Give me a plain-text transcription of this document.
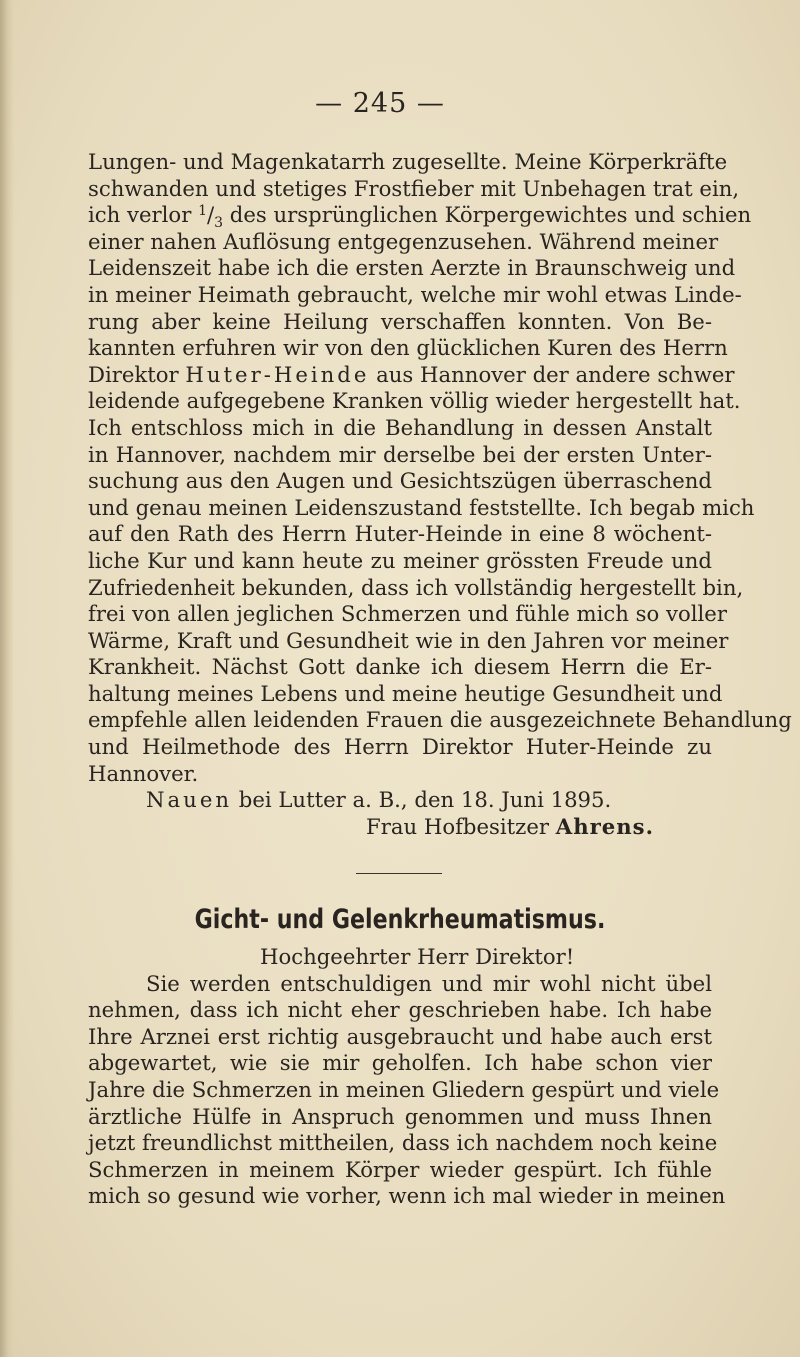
— 245 —
Lungen- und Magenkatarrh zugesellte. Meine Körperkräfte
schwanden und stetiges Frostfieber mit Unbehagen trat ein,
ich verlor $^1/_3$ des ursprünglichen Körpergewichtes und schien
einer nahen Auflösung entgegenzusehen. Während meiner
Leidenszeit habe ich die ersten Aerzte in Braunschweig und
in meiner Heimath gebraucht, welche mir wohl etwas Linde-
rung aber keine Heilung verschaffen konnten. Von Be-
kannten erfuhren wir von den glücklichen Kuren des Herrn
Direktor Huter-Heinde aus Hannover der andere schwer
leidende aufgegebene Kranken völlig wieder hergestellt hat.
Ich entschloss mich in die Behandlung in dessen Anstalt
in Hannover, nachdem mir derselbe bei der ersten Unter-
suchung aus den Augen und Gesichtszügen überraschend
und genau meinen Leidenszustand feststellte. Ich begab mich
auf den Rath des Herrn Huter-Heinde in eine 8 wöchent-
liche Kur und kann heute zu meiner grössten Freude und
Zufriedenheit bekunden, dass ich vollständig hergestellt bin,
frei von allen jeglichen Schmerzen und fühle mich so voller
Wärme, Kraft und Gesundheit wie in den Jahren vor meiner
Krankheit. Nächst Gott danke ich diesem Herrn die Er-
haltung meines Lebens und meine heutige Gesundheit und
empfehle allen leidenden Frauen die ausgezeichnete Behandlung
und Heilmethode des Herrn Direktor Huter-Heinde zu
Hannover.
Nauen bei Lutter a. B., den 18. Juni 1895.
Frau Hofbesitzer Ahrens.
Gicht- und Gelenkrheumatismus.
Hochgeehrter Herr Direktor!
Sie werden entschuldigen und mir wohl nicht übel
nehmen, dass ich nicht eher geschrieben habe. Ich habe
Ihre Arznei erst richtig ausgebraucht und habe auch erst
abgewartet, wie sie mir geholfen. Ich habe schon vier
Jahre die Schmerzen in meinen Gliedern gespürt und viele
ärztliche Hülfe in Anspruch genommen und muss Ihnen
jetzt freundlichst mittheilen, dass ich nachdem noch keine
Schmerzen in meinem Körper wieder gespürt. Ich fühle
mich so gesund wie vorher, wenn ich mal wieder in meinen
